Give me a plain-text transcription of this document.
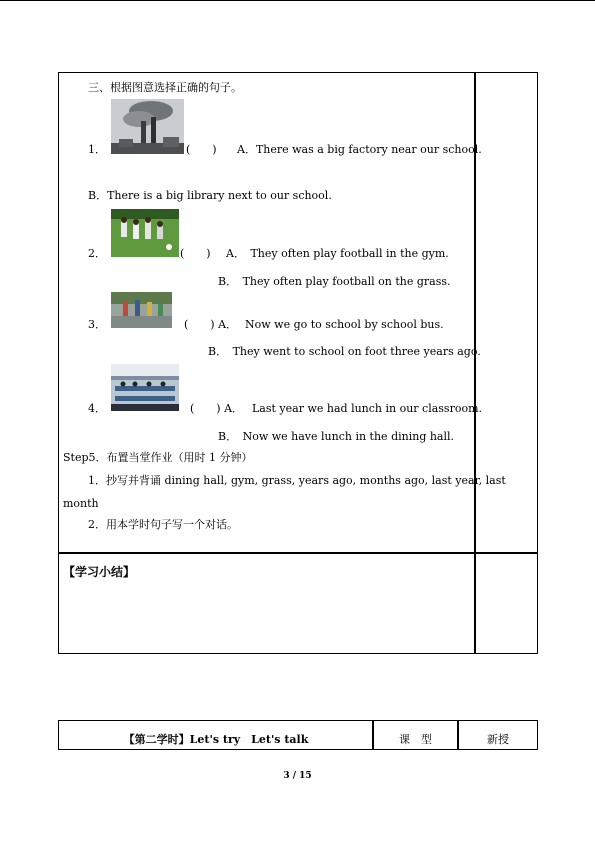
三、根据图意选择正确的句子。
1．	(　　) A．There was a big factory near our school.
B．There is a big library next to our school.
2．	(　　) A．　They often play football in the gym.
B．　They often play football on the grass.
3．	(　　) A． Now we go to school by school bus.
B．　They went to school on foot three years ago.
4．	(　　) A． Last year we had lunch in our classroom.
B．　Now we have lunch in the dining hall.
Step5．布置当堂作业（用时 1 分钟）
1．抄写并背诵 dining hall, gym, grass, years ago, months ago, last year, last
month
2．用本学时句子写一个对话。
【学习小结】
【第二学时】Let's try　Let's talk	课　型	新授
3 / 15
